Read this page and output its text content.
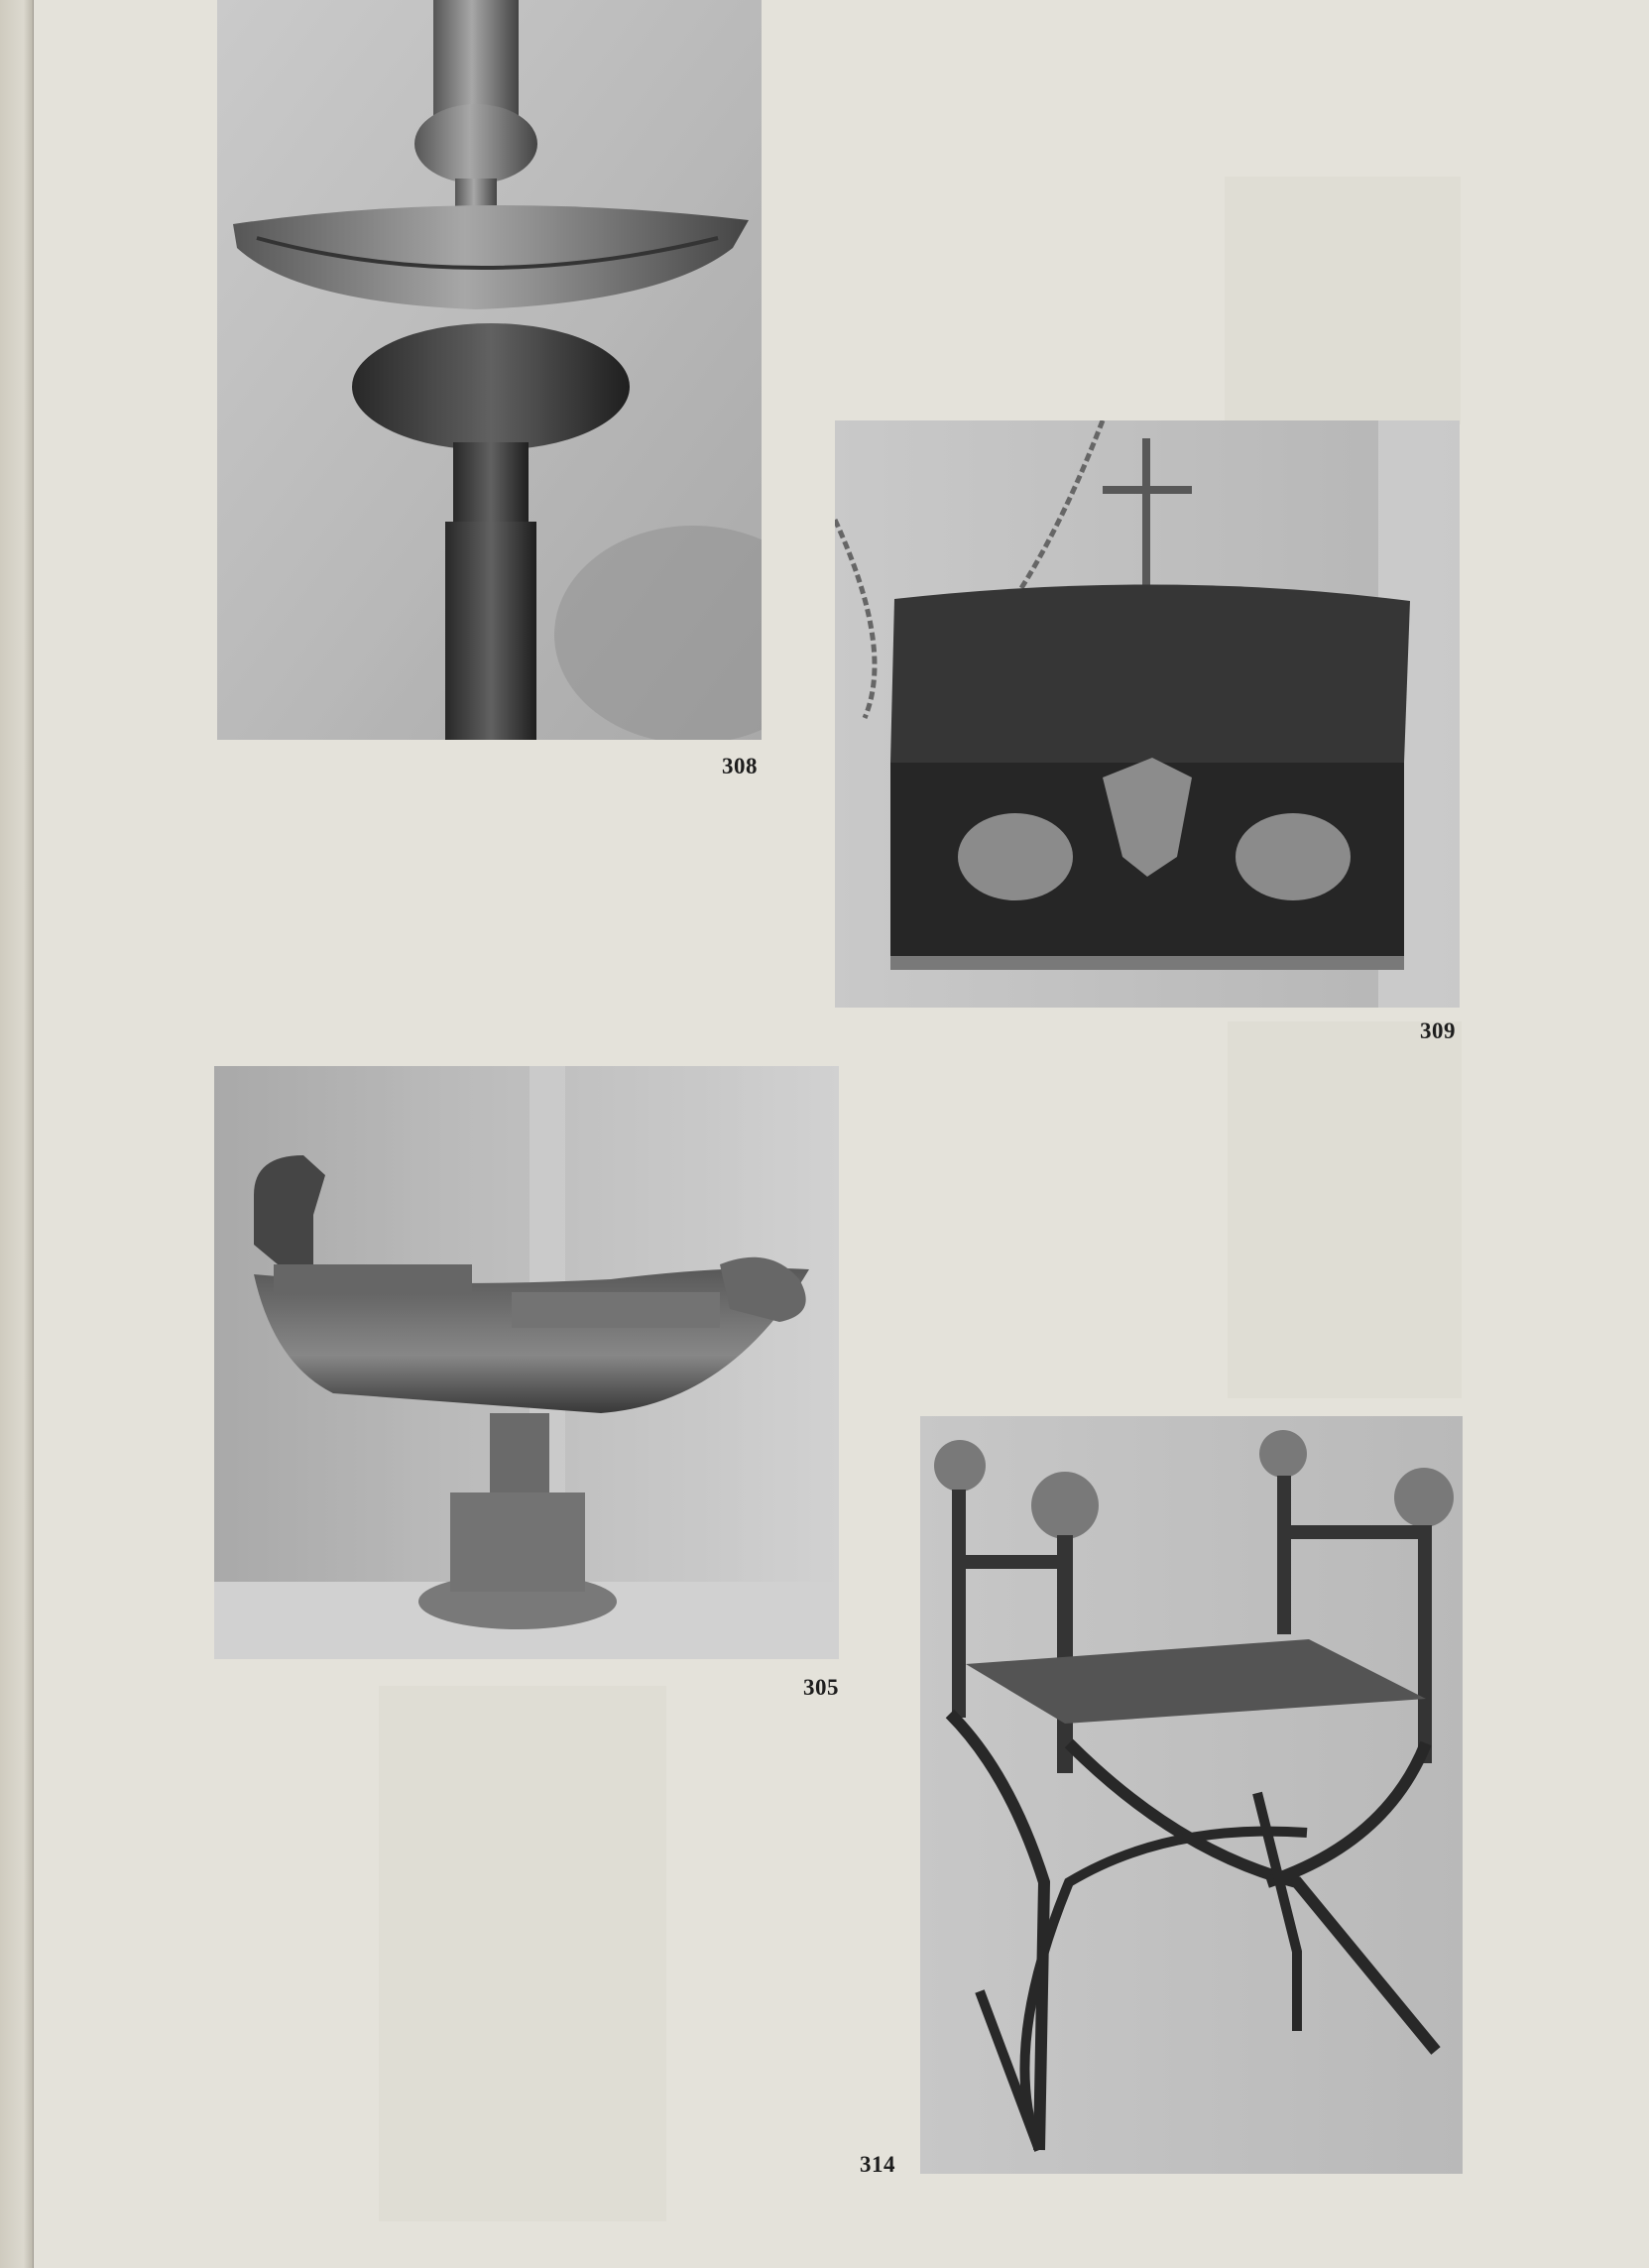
308
309
305
314
